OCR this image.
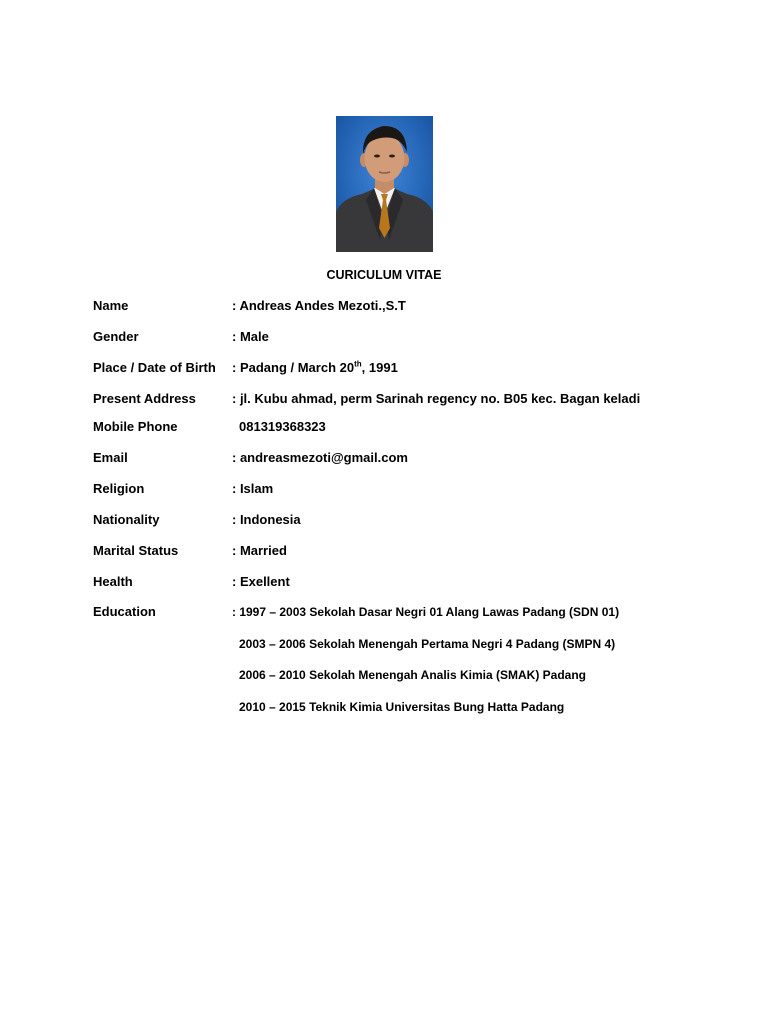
CURICULUM VITAE
Name	: Andreas Andes Mezoti.,S.T
Gender	: Male
Place / Date of Birth : Padang / March 20th, 1991
Present Address	: jl. Kubu ahmad, perm Sarinah regency no. B05 kec. Bagan keladi
Mobile Phone	081319368323
Email	: andreasmezoti@gmail.com
Religion	: Islam
Nationality	: Indonesia
Marital Status	: Married
Health	: Exellent
Education	: 1997 – 2003 Sekolah Dasar Negri 01 Alang Lawas Padang (SDN 01)
2003 – 2006 Sekolah Menengah Pertama Negri 4 Padang (SMPN 4)
2006 – 2010 Sekolah Menengah Analis Kimia (SMAK) Padang
2010 – 2015 Teknik Kimia Universitas Bung Hatta Padang
